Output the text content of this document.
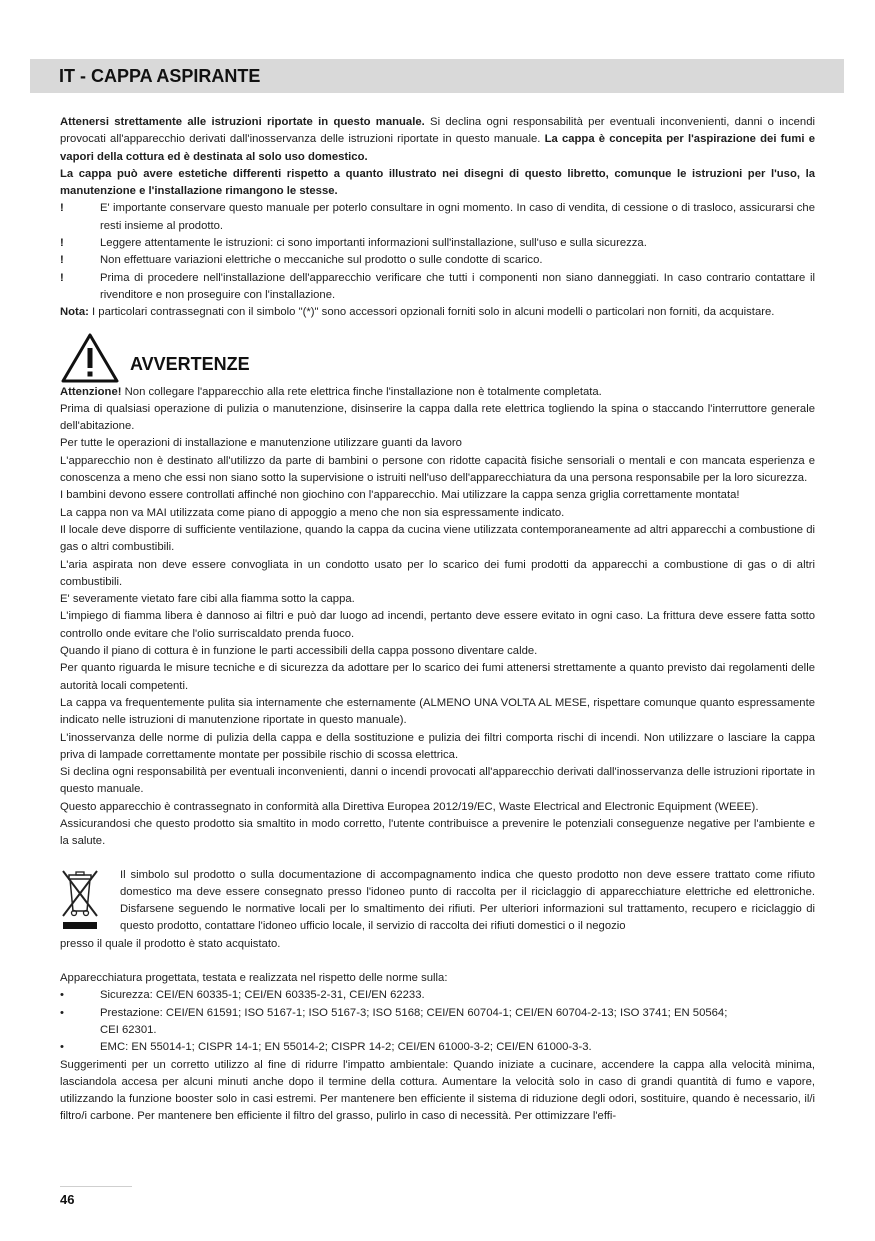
IT - CAPPA ASPIRANTE

Attenersi strettamente alle istruzioni riportate in questo manuale. Si declina ogni responsabilità per eventuali inconvenienti, danni o incendi provocati all'apparecchio derivati dall'inosservanza delle istruzioni riportate in questo manuale. La cappa è concepita per l'aspirazione dei fumi e vapori della cottura ed è destinata al solo uso domestico.

La cappa può avere estetiche differenti rispetto a quanto illustrato nei disegni di questo libretto, comunque le istruzioni per l'uso, la manutenzione e l'installazione rimangono le stesse.

!	E' importante conservare questo manuale per poterlo consultare in ogni momento. In caso di vendita, di cessione o di trasloco, assicurarsi che resti insieme al prodotto.
!	Leggere attentamente le istruzioni: ci sono importanti informazioni sull'installazione, sull'uso e sulla sicurezza.
!	Non effettuare variazioni elettriche o meccaniche sul prodotto o sulle condotte di scarico.
!	Prima di procedere nell'installazione dell'apparecchio verificare che tutti i componenti non siano danneggiati. In caso contrario contattare il rivenditore e non proseguire con l'installazione.

Nota: I particolari contrassegnati con il simbolo "(*)" sono accessori opzionali forniti solo in alcuni modelli o particolari non forniti, da acquistare.

AVVERTENZE

Attenzione! Non collegare l'apparecchio alla rete elettrica finche l'installazione non è totalmente completata.

Prima di qualsiasi operazione di pulizia o manutenzione, disinserire la cappa dalla rete elettrica togliendo la spina o staccando l'interruttore generale dell'abitazione.

Per tutte le operazioni di installazione e manutenzione utilizzare guanti da lavoro

L'apparecchio non è destinato all'utilizzo da parte di bambini o persone con ridotte capacità fisiche sensoriali o mentali e con mancata esperienza e conoscenza a meno che essi non siano sotto la supervisione o istruiti nell'uso dell'apparecchiatura da una persona responsabile per la loro sicurezza.

I bambini devono essere controllati affinché non giochino con l'apparecchio. Mai utilizzare la cappa senza griglia correttamente montata!

La cappa non va MAI utilizzata come piano di appoggio a meno che non sia espressamente indicato.

Il locale deve disporre di sufficiente ventilazione, quando la cappa da cucina viene utilizzata contemporaneamente ad altri apparecchi a combustione di gas o altri combustibili.

L'aria aspirata non deve essere convogliata in un condotto usato per lo scarico dei fumi prodotti da apparecchi a combustione di gas o di altri combustibili.

E' severamente vietato fare cibi alla fiamma sotto la cappa.

L'impiego di fiamma libera è dannoso ai filtri e può dar luogo ad incendi, pertanto deve essere evitato in ogni caso. La frittura deve essere fatta sotto controllo onde evitare che l'olio surriscaldato prenda fuoco.

Quando il piano di cottura è in funzione le parti accessibili della cappa possono diventare calde.

Per quanto riguarda le misure tecniche e di sicurezza da adottare per lo scarico dei fumi attenersi strettamente a quanto previsto dai regolamenti delle autorità locali competenti.

La cappa va frequentemente pulita sia internamente che esternamente (ALMENO UNA VOLTA AL MESE, rispettare comunque quanto espressamente indicato nelle istruzioni di manutenzione riportate in questo manuale).

L'inosservanza delle norme di pulizia della cappa e della sostituzione e pulizia dei filtri comporta rischi di incendi. Non utilizzare o lasciare la cappa priva di lampade correttamente montate per possibile rischio di scossa elettrica.

Si declina ogni responsabilità per eventuali inconvenienti, danni o incendi provocati all'apparecchio derivati dall'inosservanza delle istruzioni riportate in questo manuale.

Questo apparecchio è contrassegnato in conformità alla Direttiva Europea 2012/19/EC, Waste Electrical and Electronic Equipment (WEEE).

Assicurandosi che questo prodotto sia smaltito in modo corretto, l'utente contribuisce a prevenire le potenziali conseguenze negative per l'ambiente e la salute.

Il simbolo sul prodotto o sulla documentazione di accompagnamento indica che questo prodotto non deve essere trattato come rifiuto domestico ma deve essere consegnato presso l'idoneo punto di raccolta per il riciclaggio di apparecchiature elettriche ed elettroniche. Disfarsene seguendo le normative locali per lo smaltimento dei rifiuti. Per ulteriori informazioni sul trattamento, recupero e riciclaggio di questo prodotto, contattare l'idoneo ufficio locale, il servizio di raccolta dei rifiuti domestici o il negozio

presso il quale il prodotto è stato acquistato.

Apparecchiatura progettata, testata e realizzata nel rispetto delle norme sulla:

•	Sicurezza: CEI/EN 60335-1; CEI/EN 60335-2-31, CEI/EN 62233.
•	Prestazione: CEI/EN 61591; ISO 5167-1; ISO 5167-3; ISO 5168; CEI/EN 60704-1; CEI/EN 60704-2-13; ISO 3741; EN 50564;
CEI 62301.
•	EMC: EN 55014-1; CISPR 14-1; EN 55014-2; CISPR 14-2; CEI/EN 61000-3-2; CEI/EN 61000-3-3.

Suggerimenti per un corretto utilizzo al fine di ridurre l'impatto ambientale: Quando iniziate a cucinare, accendere la cappa alla velocità minima, lasciandola accesa per alcuni minuti anche dopo il termine della cottura. Aumentare la velocità solo in caso di grandi quantità di fumo e vapore, utilizzando la funzione booster solo in casi estremi. Per mantenere ben efficiente il sistema di riduzione degli odori, sostituire, quando è necessario, il/i filtro/i carbone. Per mantenere ben efficiente il filtro del grasso, pulirlo in caso di necessità. Per ottimizzare l'effi-

46
